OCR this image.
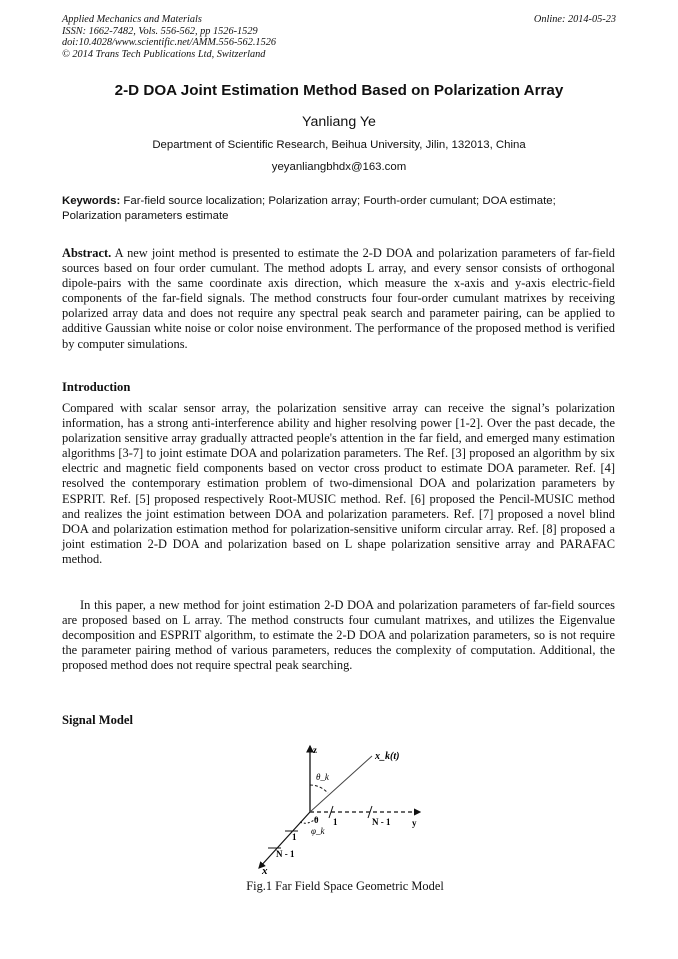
Applied Mechanics and Materials
ISSN: 1662-7482, Vols. 556-562, pp 1526-1529
doi:10.4028/www.scientific.net/AMM.556-562.1526
© 2014 Trans Tech Publications Ltd, Switzerland
Online: 2014-05-23
2-D DOA Joint Estimation Method Based on Polarization Array
Yanliang Ye
Department of Scientific Research, Beihua University, Jilin, 132013, China
yeyanliangbhdx@163.com
Keywords: Far-field source localization; Polarization array; Fourth-order cumulant; DOA estimate; Polarization parameters estimate
Abstract. A new joint method is presented to estimate the 2-D DOA and polarization parameters of far-field sources based on four order cumulant. The method adopts L array, and every sensor consists of orthogonal dipole-pairs with the same coordinate axis direction, which measure the x-axis and y-axis electric-field components of the far-field signals. The method constructs four four-order cumulant matrixes by receiving polarized array data and does not require any spectral peak search and parameter pairing, can be applied to additive Gaussian white noise or color noise environment. The performance of the proposed method is verified by computer simulations.
Introduction
Compared with scalar sensor array, the polarization sensitive array can receive the signal’s polarization information, has a strong anti-interference ability and higher resolving power [1-2]. Over the past decade, the polarization sensitive array gradually attracted people's attention in the far field, and emerged many estimation algorithms [3-7] to joint estimate DOA and polarization parameters. The Ref. [3] proposed an algorithm by six electric and magnetic field components based on vector cross product to estimate DOA parameter. Ref. [4] resolved the contemporary estimation problem of two-dimensional DOA and polarization parameters by ESPRIT. Ref. [5] proposed respectively Root-MUSIC method. Ref. [6] proposed the Pencil-MUSIC method and realizes the joint estimation between DOA and polarization parameters. Ref. [7] proposed a novel blind DOA and polarization estimation method for polarization-sensitive uniform circular array. Ref. [8] proposed a joint estimation 2-D DOA and polarization based on L shape polarization sensitive array and PARAFAC method.
In this paper, a new method for joint estimation 2-D DOA and polarization parameters of far-field sources are proposed based on L array. The method constructs four cumulant matrixes, and utilizes the Eigenvalue decomposition and ESPRIT algorithm, to estimate the 2-D DOA and polarization parameters, so is not require the parameter pairing method of various parameters, reduces the complexity of computation. Additional, the proposed method does not require spectral peak searching.
Signal Model
z
y
x
x_k(t)
θ_k
φ_k
0 1	N - 1
1
N - 1
Fig.1 Far Field Space Geometric Model
